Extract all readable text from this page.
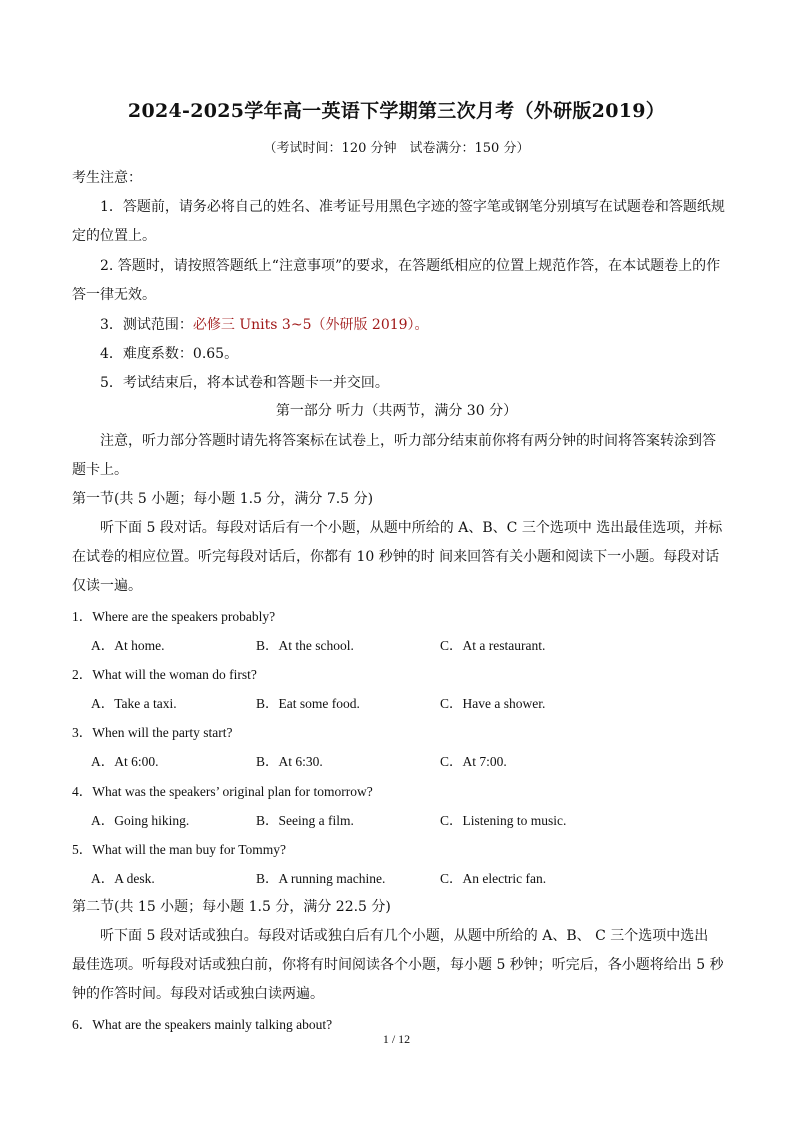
2024-2025学年高一英语下学期第三次月考（外研版2019）
（考试时间：120 分钟　试卷满分：150 分）
考生注意：
1．答题前，请务必将自己的姓名、准考证号用黑色字迹的签字笔或钢笔分别填写在试题卷和答题纸规
定的位置上。
2. 答题时，请按照答题纸上“注意事项”的要求，在答题纸相应的位置上规范作答，在本试题卷上的作
答一律无效。
3．测试范围：必修三 Units 3~5（外研版 2019）。
4．难度系数：0.65。
5．考试结束后，将本试卷和答题卡一并交回。
第一部分 听力（共两节，满分 30 分）
注意，听力部分答题时请先将答案标在试卷上，听力部分结束前你将有两分钟的时间将答案转涂到答
题卡上。
第一节(共 5 小题；每小题 1.5 分，满分 7.5 分)
听下面 5 段对话。每段对话后有一个小题，从题中所给的 A、B、C 三个选项中 选出最佳选项，并标
在试卷的相应位置。听完每段对话后，你都有 10 秒钟的时 间来回答有关小题和阅读下一小题。每段对话
仅读一遍。
1．Where are the speakers probably?
A．At home.	B．At the school.	C．At a restaurant.
2．What will the woman do first?
A．Take a taxi.	B．Eat some food.	C．Have a shower.
3．When will the party start?
A．At 6:00.	B．At 6:30.	C．At 7:00.
4．What was the speakers’ original plan for tomorrow?
A．Going hiking.	B．Seeing a film.	C．Listening to music.
5．What will the man buy for Tommy?
A．A desk.	B．A running machine.	C．An electric fan.
第二节(共 15 小题；每小题 1.5 分，满分 22.5 分)
听下面 5 段对话或独白。每段对话或独白后有几个小题，从题中所给的 A、B、 C 三个选项中选出
最佳选项。听每段对话或独白前，你将有时间阅读各个小题，每小题 5 秒钟；听完后，各小题将给出 5 秒
钟的作答时间。每段对话或独白读两遍。
6．What are the speakers mainly talking about?
1 / 12
